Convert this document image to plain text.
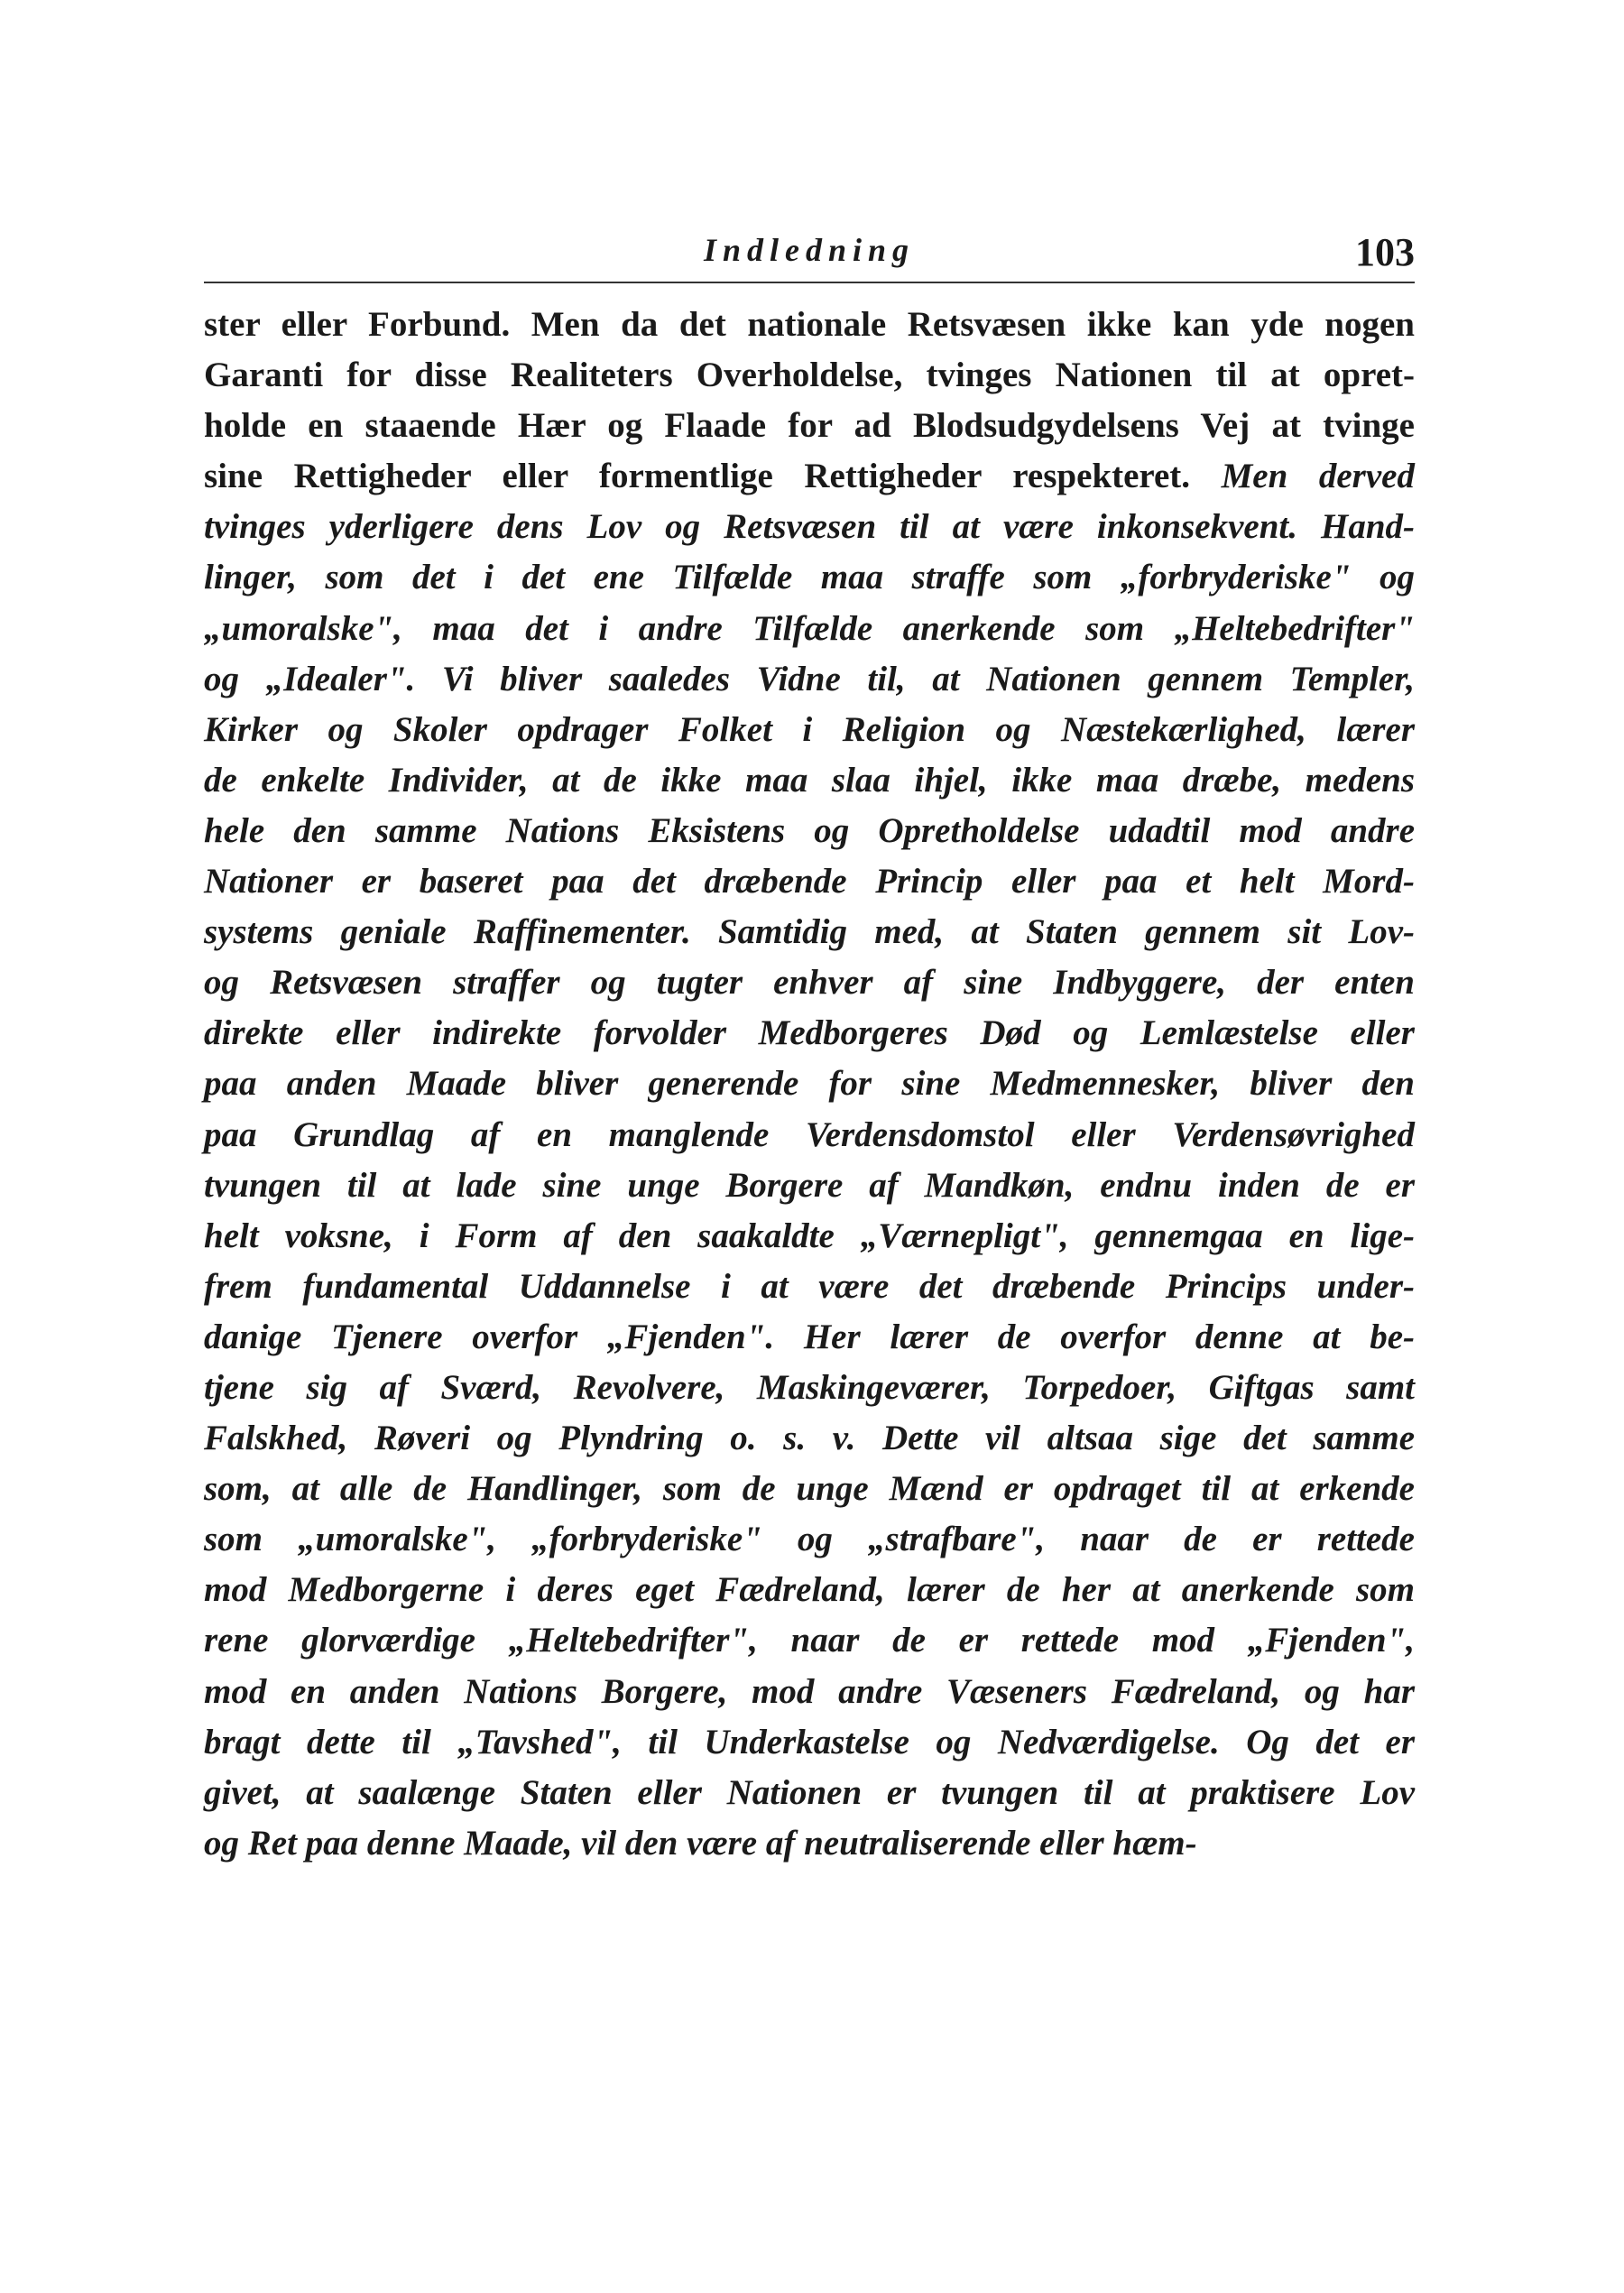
Indledning	103
ster eller Forbund. Men da det nationale Retsvæsen ikke kan yde nogen
Garanti for disse Realiteters Overholdelse, tvinges Nationen til at opret-
holde en staaende Hær og Flaade for ad Blodsudgydelsens Vej at tvinge
sine Rettigheder eller formentlige Rettigheder respekteret. Men derved
tvinges yderligere dens Lov og Retsvæsen til at være inkonsekvent. Hand-
linger, som det i det ene Tilfælde maa straffe som „forbryderiske" og
„umoralske", maa det i andre Tilfælde anerkende som „Heltebedrifter"
og „Idealer". Vi bliver saaledes Vidne til, at Nationen gennem Templer,
Kirker og Skoler opdrager Folket i Religion og Næstekærlighed, lærer
de enkelte Individer, at de ikke maa slaa ihjel, ikke maa dræbe, medens
hele den samme Nations Eksistens og Opretholdelse udadtil mod andre
Nationer er baseret paa det dræbende Princip eller paa et helt Mord-
systems geniale Raffinementer. Samtidig med, at Staten gennem sit Lov-
og Retsvæsen straffer og tugter enhver af sine Indbyggere, der enten
direkte eller indirekte forvolder Medborgeres Død og Lemlæstelse eller
paa anden Maade bliver generende for sine Medmennesker, bliver den
paa Grundlag af en manglende Verdensdomstol eller Verdensøvrighed
tvungen til at lade sine unge Borgere af Mandkøn, endnu inden de er
helt voksne, i Form af den saakaldte „Værnepligt", gennemgaa en lige-
frem fundamental Uddannelse i at være det dræbende Princips under-
danige Tjenere overfor „Fjenden". Her lærer de overfor denne at be-
tjene sig af Sværd, Revolvere, Maskingeværer, Torpedoer, Giftgas samt
Falskhed, Røveri og Plyndring o. s. v. Dette vil altsaa sige det samme
som, at alle de Handlinger, som de unge Mænd er opdraget til at erkende
som „umoralske", „forbryderiske" og „strafbare", naar de er rettede
mod Medborgerne i deres eget Fædreland, lærer de her at anerkende som
rene glorværdige „Heltebedrifter", naar de er rettede mod „Fjenden",
mod en anden Nations Borgere, mod andre Væseners Fædreland, og har
bragt dette til „Tavshed", til Underkastelse og Nedværdigelse. Og det er
givet, at saalænge Staten eller Nationen er tvungen til at praktisere Lov
og Ret paa denne Maade, vil den være af neutraliserende eller hæm-
